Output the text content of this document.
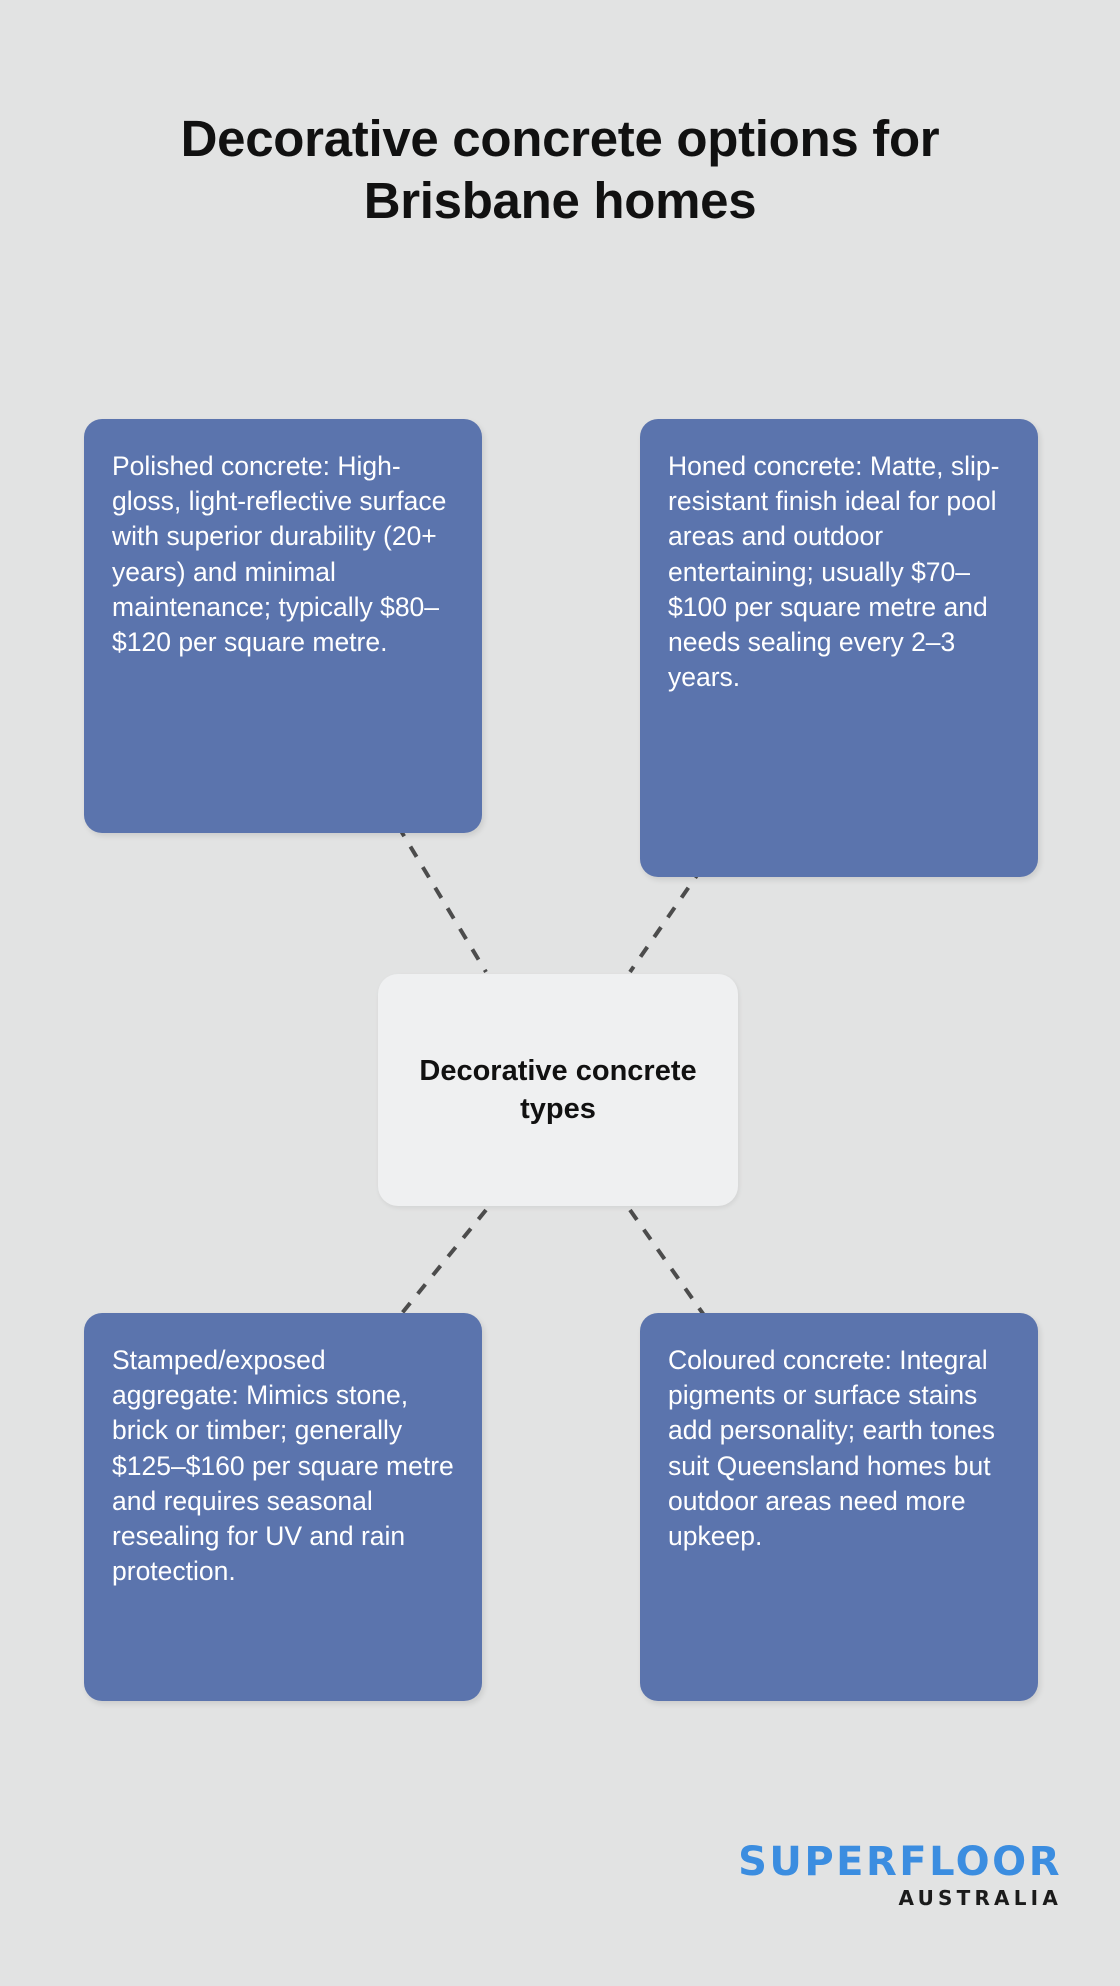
Decorative concrete options for Brisbane homes

Polished concrete: High-gloss, light-reflective surface with superior durability (20+ years) and minimal maintenance; typically $80–$120 per square metre.

Honed concrete: Matte, slip-resistant finish ideal for pool areas and outdoor entertaining; usually $70–$100 per square metre and needs sealing every 2–3 years.

Decorative concrete types

Stamped/exposed aggregate: Mimics stone, brick or timber; generally $125–$160 per square metre and requires seasonal resealing for UV and rain protection.

Coloured concrete: Integral pigments or surface stains add personality; earth tones suit Queensland homes but outdoor areas need more upkeep.

SUPERFLOOR
AUSTRALIA
